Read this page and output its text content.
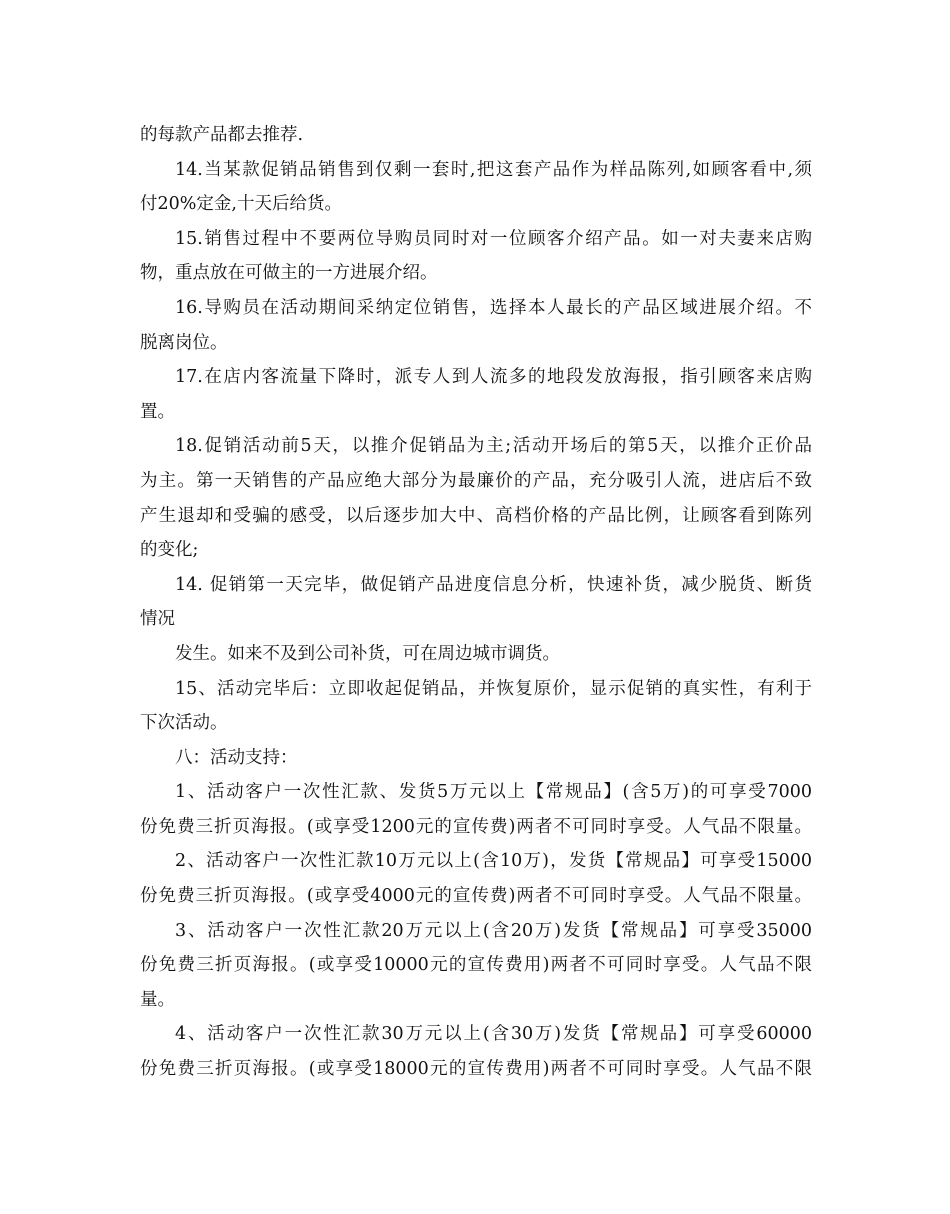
的每款产品都去推荐.
14.当某款促销品销售到仅剩一套时,把这套产品作为样品陈列,如顾客看中,须
付20%定金,十天后给货。
15.销售过程中不要两位导购员同时对一位顾客介绍产品。如一对夫妻来店购
物，重点放在可做主的一方进展介绍。
16.导购员在活动期间采纳定位销售，选择本人最长的产品区域进展介绍。不
脱离岗位。
17.在店内客流量下降时，派专人到人流多的地段发放海报，指引顾客来店购
置。
18.促销活动前5天，以推介促销品为主;活动开场后的第5天，以推介正价品
为主。第一天销售的产品应绝大部分为最廉价的产品，充分吸引人流，进店后不致
产生退却和受骗的感受，以后逐步加大中、高档价格的产品比例，让顾客看到陈列
的变化;
14. 促销第一天完毕，做促销产品进度信息分析，快速补货，减少脱货、断货
情况
发生。如来不及到公司补货，可在周边城市调货。
15、活动完毕后：立即收起促销品，并恢复原价，显示促销的真实性，有利于
下次活动。
八：活动支持：
1、活动客户一次性汇款、发货5万元以上【常规品】(含5万)的可享受7000
份免费三折页海报。(或享受1200元的宣传费)两者不可同时享受。人气品不限量。
2、活动客户一次性汇款10万元以上(含10万)，发货【常规品】可享受15000
份免费三折页海报。(或享受4000元的宣传费)两者不可同时享受。人气品不限量。
3、活动客户一次性汇款20万元以上(含20万)发货【常规品】可享受35000
份免费三折页海报。(或享受10000元的宣传费用)两者不可同时享受。人气品不限
量。
4、活动客户一次性汇款30万元以上(含30万)发货【常规品】可享受60000
份免费三折页海报。(或享受18000元的宣传费用)两者不可同时享受。人气品不限
